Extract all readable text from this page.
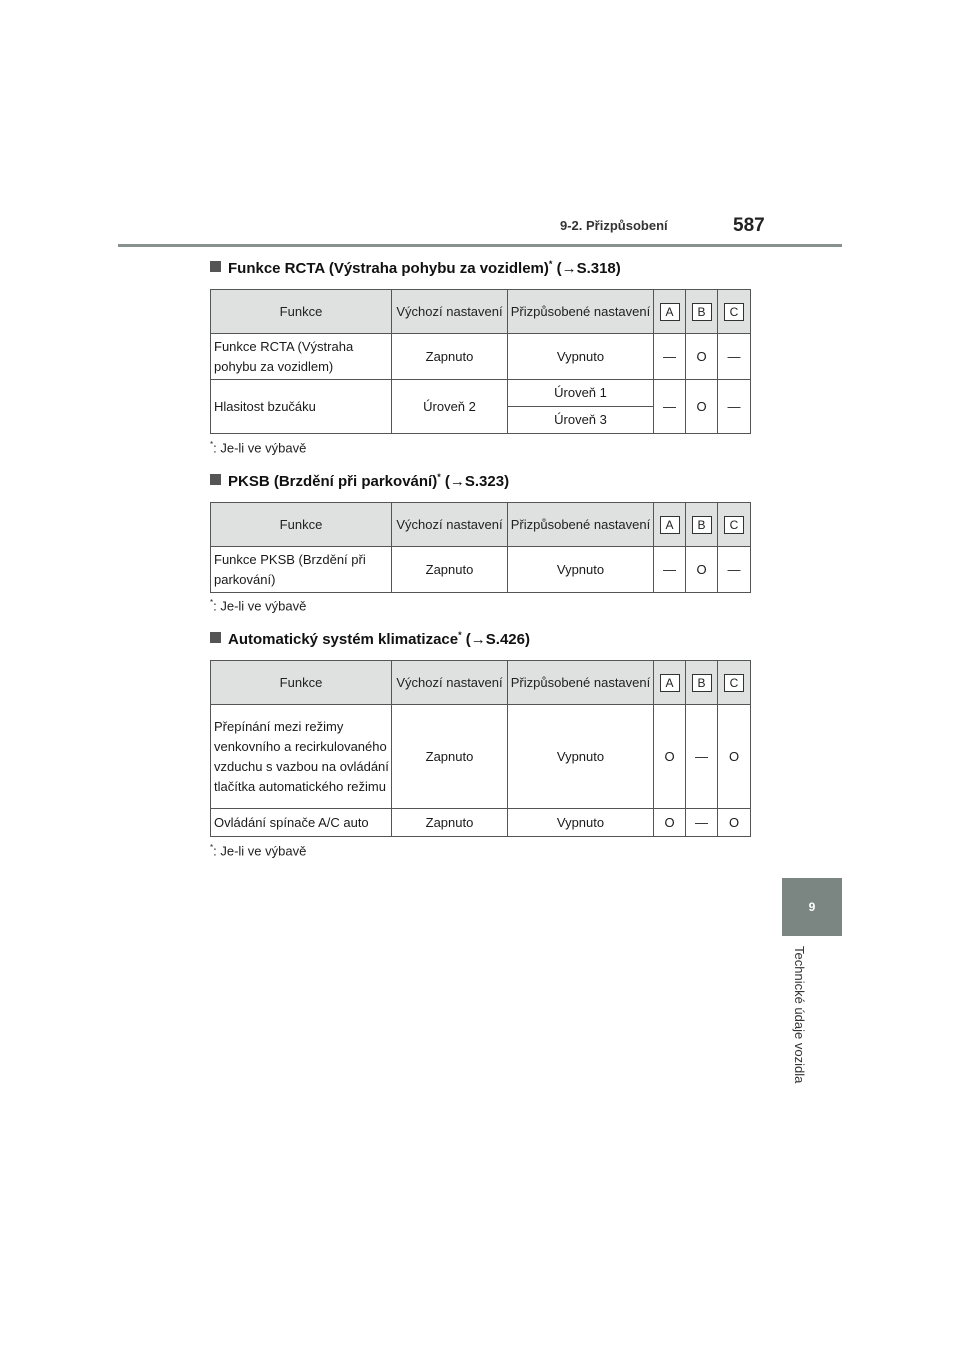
9-2. Přizpůsobení	587
9
Technické údaje vozidla
Funkce RCTA (Výstraha pohybu za vozidlem)* (→S.318)
Funkce	Výchozí nastavení	Přizpůsobené nastavení	A	B	C
Funkce RCTA (Výstraha pohybu za vozidlem)	Zapnuto	Vypnuto	—	O	—
Hlasitost bzučáku	Úroveň 2	Úroveň 1	—	O	—
		Úroveň 3			
*: Je-li ve výbavě
PKSB (Brzdění při parkování)* (→S.323)
Funkce	Výchozí nastavení	Přizpůsobené nastavení	A	B	C
Funkce PKSB (Brzdění při parkování)	Zapnuto	Vypnuto	—	O	—
*: Je-li ve výbavě
Automatický systém klimatizace* (→S.426)
Funkce	Výchozí nastavení	Přizpůsobené nastavení	A	B	C
Přepínání mezi režimy venkovního a recirkulovaného vzduchu s vazbou na ovládání tlačítka automatického režimu	Zapnuto	Vypnuto	O	—	O
Ovládání spínače A/C auto	Zapnuto	Vypnuto	O	—	O
*: Je-li ve výbavě
